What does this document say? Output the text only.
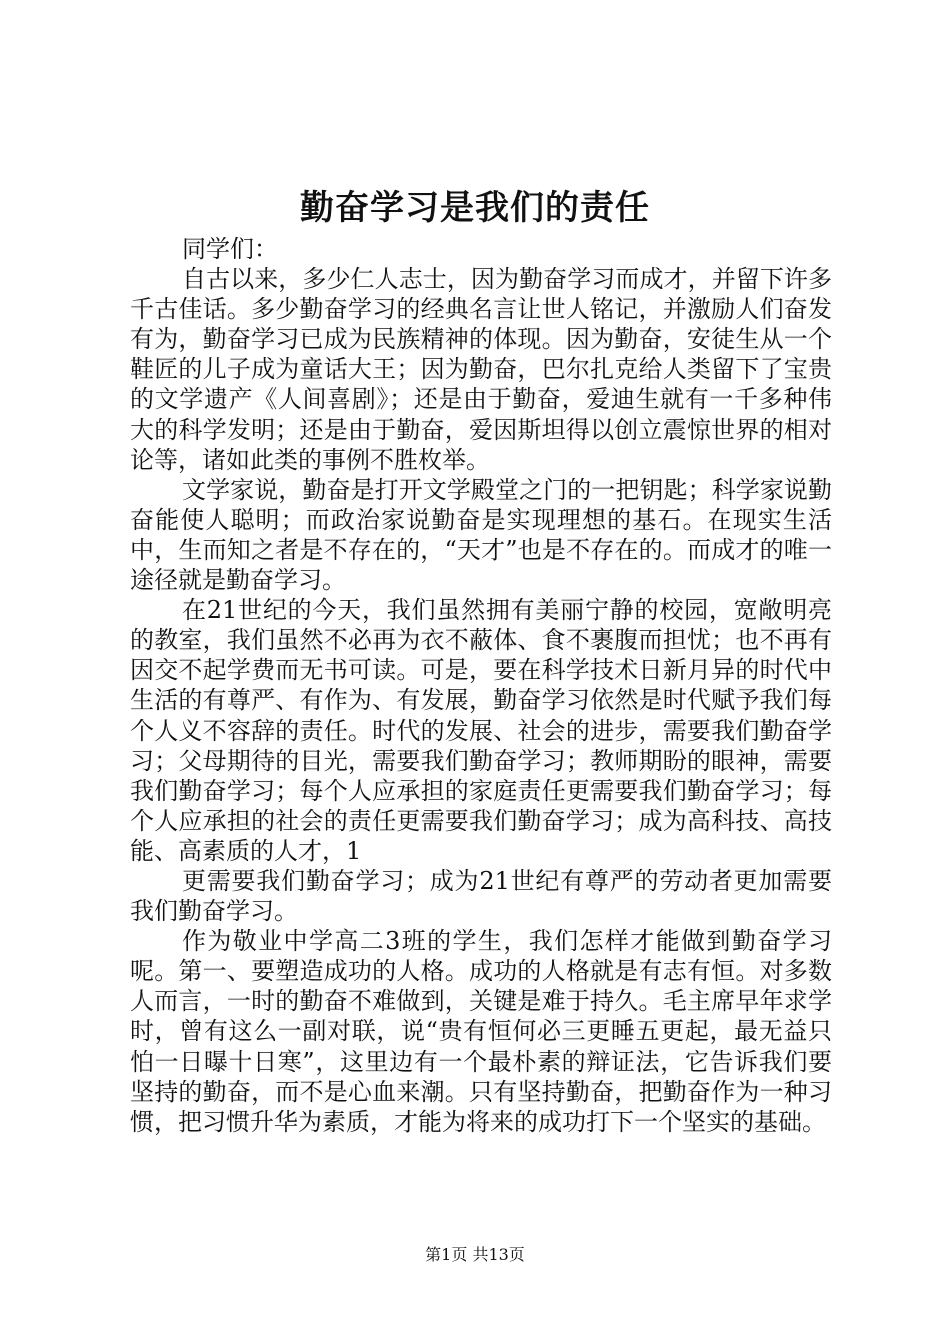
勤奋学习是我们的责任

同学们：

自古以来，多少仁人志士，因为勤奋学习而成才，并留下许多千古佳话。多少勤奋学习的经典名言让世人铭记，并激励人们奋发有为，勤奋学习已成为民族精神的体现。因为勤奋，安徒生从一个鞋匠的儿子成为童话大王；因为勤奋，巴尔扎克给人类留下了宝贵的文学遗产《人间喜剧》；还是由于勤奋，爱迪生就有一千多种伟大的科学发明；还是由于勤奋，爱因斯坦得以创立震惊世界的相对论等，诸如此类的事例不胜枚举。

文学家说，勤奋是打开文学殿堂之门的一把钥匙；科学家说勤奋能使人聪明；而政治家说勤奋是实现理想的基石。在现实生活中，生而知之者是不存在的，“天才”也是不存在的。而成才的唯一途径就是勤奋学习。

在21世纪的今天，我们虽然拥有美丽宁静的校园，宽敞明亮的教室，我们虽然不必再为衣不蔽体、食不裹腹而担忧；也不再有因交不起学费而无书可读。可是，要在科学技术日新月异的时代中生活的有尊严、有作为、有发展，勤奋学习依然是时代赋予我们每个人义不容辞的责任。时代的发展、社会的进步，需要我们勤奋学习；父母期待的目光，需要我们勤奋学习；教师期盼的眼神，需要我们勤奋学习；每个人应承担的家庭责任更需要我们勤奋学习；每个人应承担的社会的责任更需要我们勤奋学习；成为高科技、高技能、高素质的人才，1

更需要我们勤奋学习；成为21世纪有尊严的劳动者更加需要我们勤奋学习。

作为敬业中学高二3班的学生，我们怎样才能做到勤奋学习呢。第一、要塑造成功的人格。成功的人格就是有志有恒。对多数人而言，一时的勤奋不难做到，关键是难于持久。毛主席早年求学时，曾有这么一副对联，说“贵有恒何必三更睡五更起，最无益只怕一日曝十日寒”，这里边有一个最朴素的辩证法，它告诉我们要坚持的勤奋，而不是心血来潮。只有坚持勤奋，把勤奋作为一种习惯，把习惯升华为素质，才能为将来的成功打下一个坚实的基础。

第1页 共13页
